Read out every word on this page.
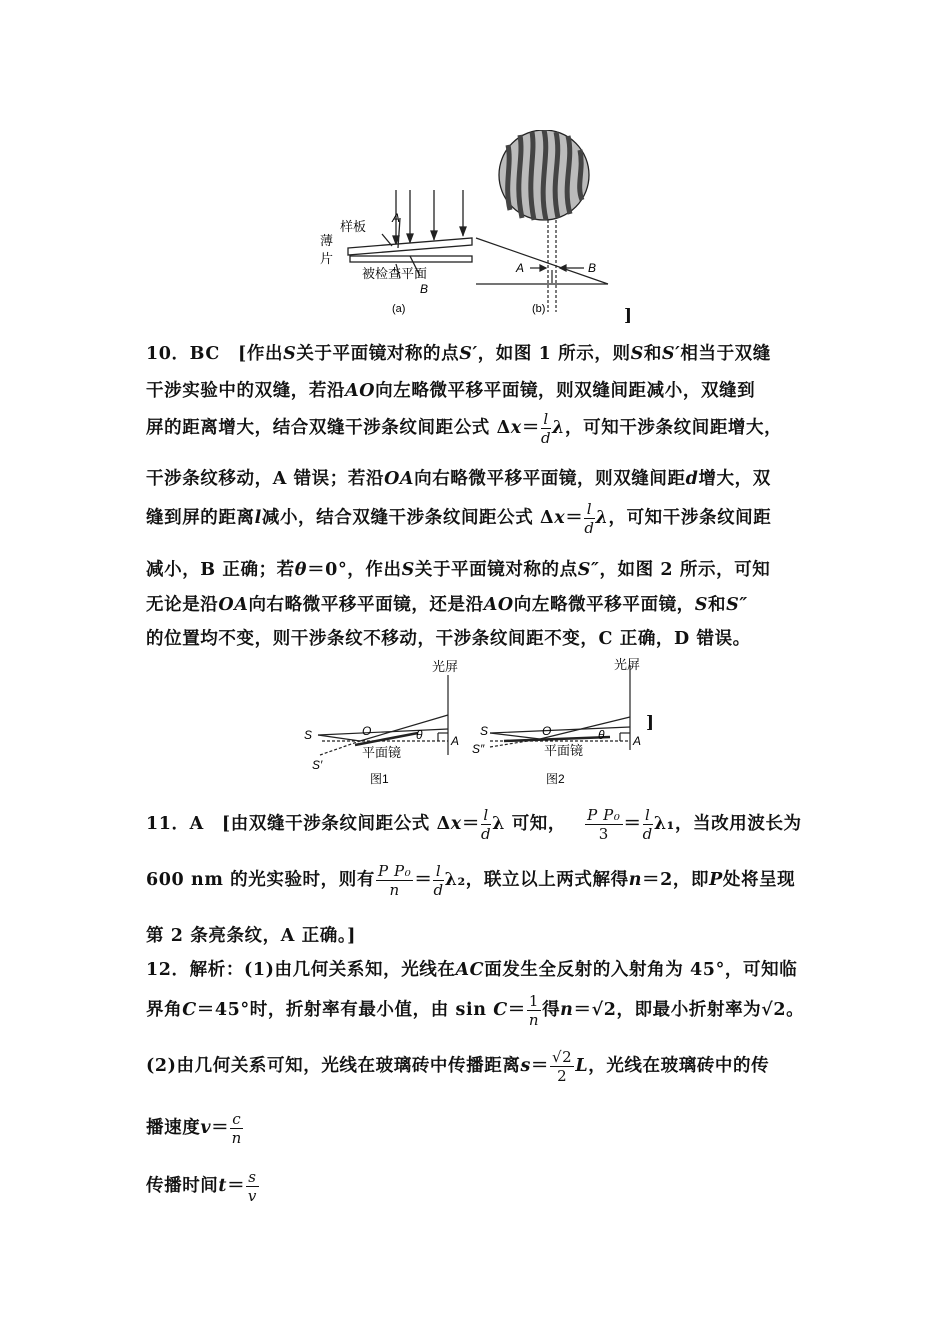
薄
片
样板
A
被检查平面
B
(a)
A	B
(b)	]
10．BC　[作出S关于平面镜对称的点S′，如图 1 所示，则S和S′相当于双缝
干涉实验中的双缝，若沿AO向左略微平移平面镜，则双缝间距减小，双缝到
屏的距离增大，结合双缝干涉条纹间距公式 $\Delta x= \frac{l}{d}$ λ，可知干涉条纹间距增大，
干涉条纹移动，A 错误；若沿OA向右略微平移平面镜，则双缝间距d增大，双
缝到屏的距离l减小，结合双缝干涉条纹间距公式 $\Delta x= \frac{l}{d}$ λ，可知干涉条纹间距
减小，B 正确；若θ＝0°，作出S关于平面镜对称的点S″，如图 2 所示，可知
无论是沿OA向右略微平移平面镜，还是沿AO向左略微平移平面镜，S和S″
的位置均不变，则干涉条纹不移动，干涉条纹间距不变，C 正确，D 错误。
光屏	光屏
S
S′
O	θ A
平面镜
图1
S
S″
O	θ A
平面镜
图2
]
11．A　[由双缝干涉条纹间距公式 $\Delta x= \frac{l}{d}$ λ 可知，  $\frac{\text{P P₀}}{3} = \frac{l}{d} \lambda_1$，当改用波长为
600 nm 的光实验时，则有 $\frac{\text{P P₀}}{n} = \frac{l}{d} \lambda_2$，联立以上两式解得n＝2，即P处将呈现
第 2 条亮条纹，A 正确。]
12．解析：(1)由几何关系知，光线在AC面发生全反射的入射角为 45°，可知临
界角C＝45°时，折射率有最小值，由 $\sin C= \frac{1}{n}$ 得n＝√2，即最小折射率为√2。
(2)由几何关系可知，光线在玻璃砖中传播距离$s= \frac{√2}{2}$ L，光线在玻璃砖中的传
播速度$v= \frac{c}{n}$
传播时间$t= \frac{s}{v}$
